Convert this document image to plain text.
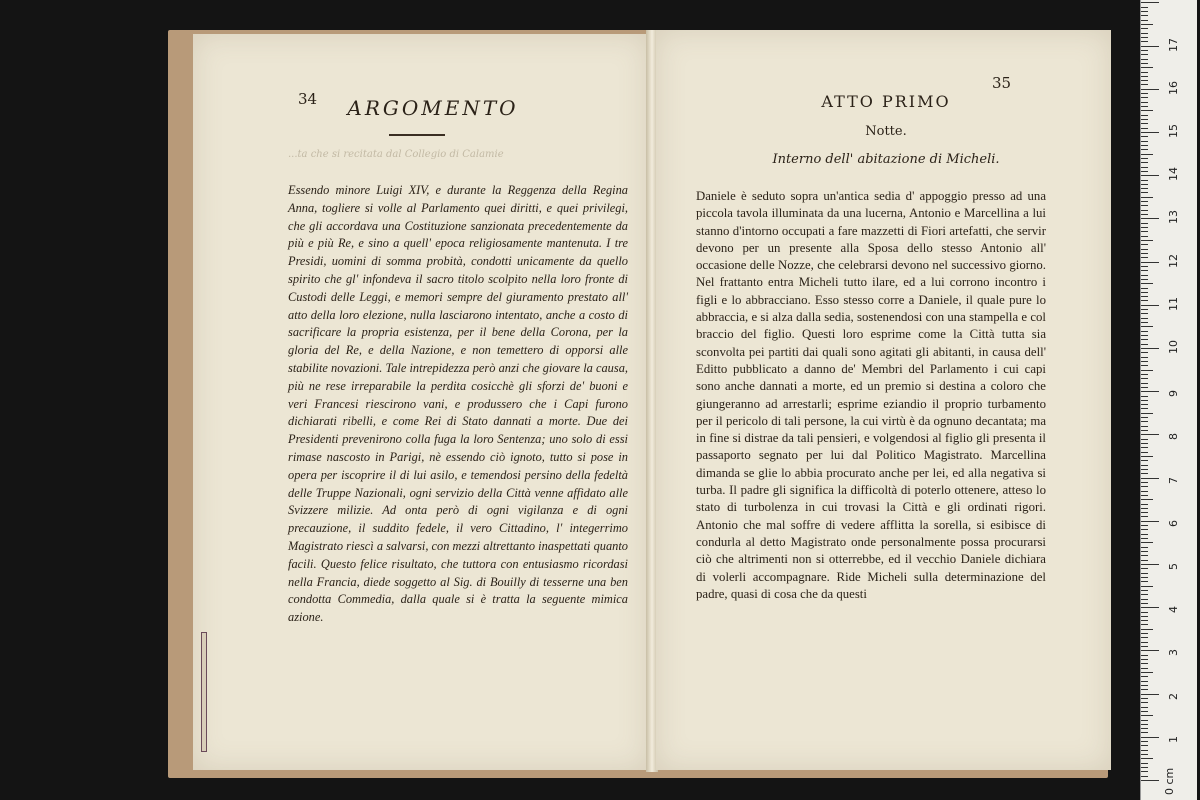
34	ARGOMENTO
...ta che si recitata dal Collegio di Calamie

Essendo minore Luigi XIV, e durante la Reggenza della Regina Anna, togliere si volle al Parlamento quei diritti, e quei privilegi, che gli accordava una Costituzione sanzionata precedentemente da più e più Re, e sino a quell' epoca religiosamente mantenuta. I tre Presidi, uomini di somma probità, condotti unicamente da quello spirito che gl' infondeva il sacro titolo scolpito nella loro fronte di Custodi delle Leggi, e memori sempre del giuramento prestato all' atto della loro elezione, nulla lasciarono intentato, anche a costo di sacrificare la propria esistenza, per il bene della Corona, per la gloria del Re, e della Nazione, e non temettero di opporsi alle stabilite novazioni. Tale intrepidezza però anzi che giovare la causa, più ne rese irreparabile la perdita cosicchè gli sforzi de' buoni e veri Francesi riescirono vani, e produssero che i Capi furono dichiarati ribelli, e come Rei di Stato dannati a morte. Due dei Presidenti prevenirono colla fuga la loro Sentenza; uno solo di essi rimase nascosto in Parigi, nè essendo ciò ignoto, tutto si pose in opera per iscoprire il di lui asilo, e temendosi persino della fedeltà delle Truppe Nazionali, ogni servizio della Città venne affidato alle Svizzere milizie. Ad onta però di ogni vigilanza e di ogni precauzione, il suddito fedele, il vero Cittadino, l' integerrimo Magistrato riescì a salvarsi, con mezzi altrettanto inaspettati quanto facili. Questo felice risultato, che tuttora con entusiasmo ricordasi nella Francia, diede soggetto al Sig. di Bouilly di tesserne una ben condotta Commedia, dalla quale si è tratta la seguente mimica azione.

35
ATTO PRIMO
Notte.
Interno dell' abitazione di Micheli.

Daniele è seduto sopra un'antica sedia d' appoggio presso ad una piccola tavola illuminata da una lucerna, Antonio e Marcellina a lui stanno d'intorno occupati a fare mazzetti di Fiori artefatti, che servir devono per un presente alla Sposa dello stesso Antonio all' occasione delle Nozze, che celebrarsi devono nel successivo giorno. Nel frattanto entra Micheli tutto ilare, ed a lui corrono incontro i figli e lo abbracciano. Esso stesso corre a Daniele, il quale pure lo abbraccia, e si alza dalla sedia, sostenendosi con una stampella e col braccio del figlio. Questi loro esprime come la Città tutta sia sconvolta pei partiti dai quali sono agitati gli abitanti, in causa dell' Editto pubblicato a danno de' Membri del Parlamento i cui capi sono anche dannati a morte, ed un premio si destina a coloro che giungeranno ad arrestarli; esprime eziandio il proprio turbamento per il pericolo di tali persone, la cui virtù è da ognuno decantata; ma in fine si distrae da tali pensieri, e volgendosi al figlio gli presenta il passaporto segnato per lui dal Politico Magistrato. Marcellina dimanda se glie lo abbia procurato anche per lei, ed alla negativa si turba. Il padre gli significa la difficoltà di poterlo ottenere, atteso lo stato di turbolenza in cui trovasi la Città e gli ordinati rigori. Antonio che mal soffre di vedere afflitta la sorella, si esibisce di condurla al detto Magistrato onde personalmente possa procurarsi ciò che altrimenti non si otterrebbe, ed il vecchio Daniele dichiara di volerli accompagnare. Ride Micheli sulla determinazione del padre, quasi di cosa che da questi

1
2
3
4
5
6
7
8
9
10
11
12
13
14
15
16
17
0 cm
